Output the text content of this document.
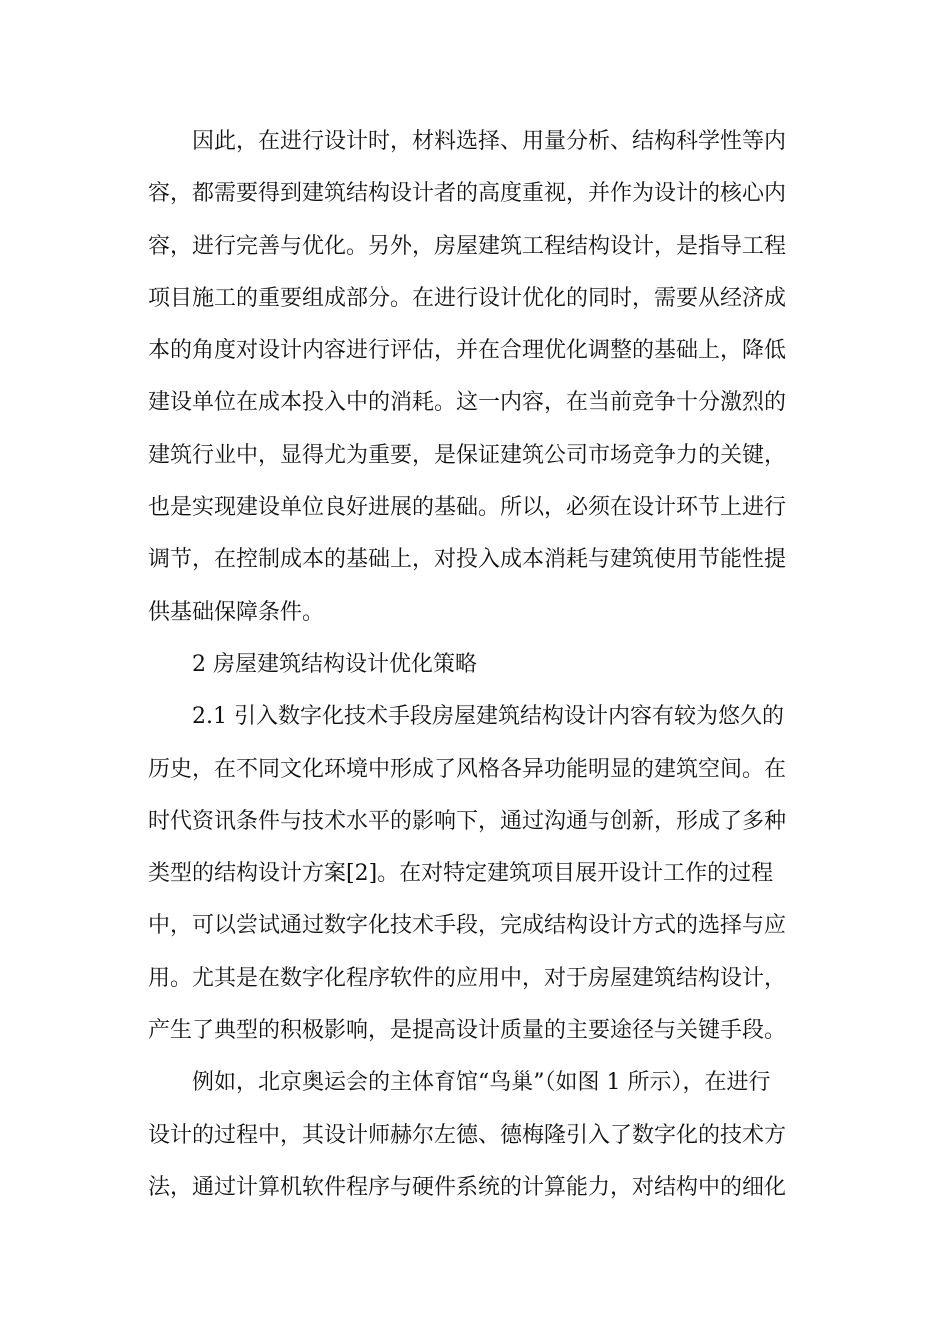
因此，在进行设计时，材料选择、用量分析、结构科学性等内
容，都需要得到建筑结构设计者的高度重视，并作为设计的核心内
容，进行完善与优化。另外，房屋建筑工程结构设计，是指导工程
项目施工的重要组成部分。在进行设计优化的同时，需要从经济成
本的角度对设计内容进行评估，并在合理优化调整的基础上，降低
建设单位在成本投入中的消耗。这一内容，在当前竞争十分激烈的
建筑行业中，显得尤为重要，是保证建筑公司市场竞争力的关键，
也是实现建设单位良好进展的基础。所以，必须在设计环节上进行
调节，在控制成本的基础上，对投入成本消耗与建筑使用节能性提
供基础保障条件。
2 房屋建筑结构设计优化策略
2.1 引入数字化技术手段房屋建筑结构设计内容有较为悠久的
历史，在不同文化环境中形成了风格各异功能明显的建筑空间。在
时代资讯条件与技术水平的影响下，通过沟通与创新，形成了多种
类型的结构设计方案[2]。在对特定建筑项目展开设计工作的过程
中，可以尝试通过数字化技术手段，完成结构设计方式的选择与应
用。尤其是在数字化程序软件的应用中，对于房屋建筑结构设计，
产生了典型的积极影响，是提高设计质量的主要途径与关键手段。
例如，北京奥运会的主体育馆“鸟巢”（如图 1 所示），在进行
设计的过程中，其设计师赫尔左德、德梅隆引入了数字化的技术方
法，通过计算机软件程序与硬件系统的计算能力，对结构中的细化
